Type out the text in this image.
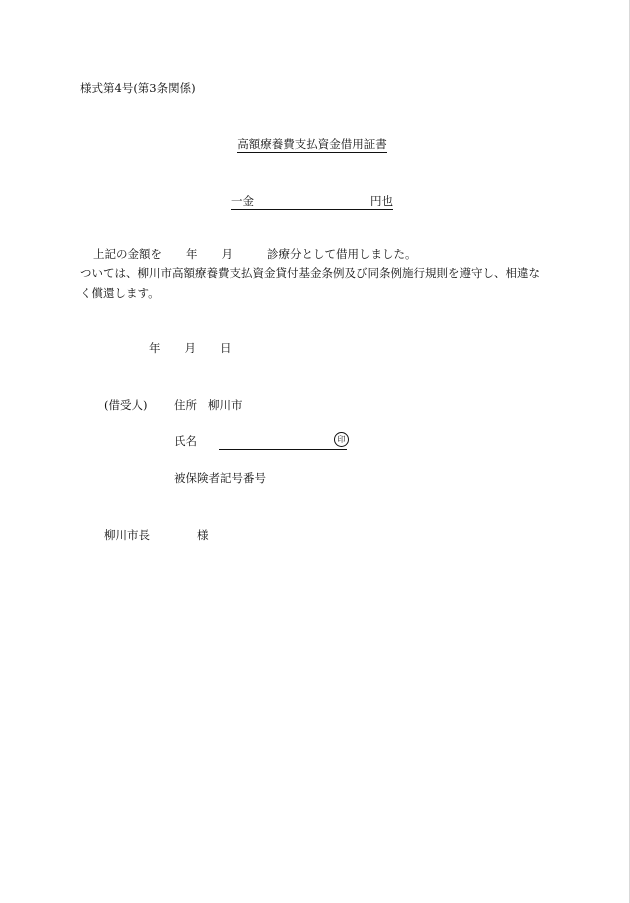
様式第4号(第3条関係)
高額療養費支払資金借用証書
一金	円也
上記の金額を 年 月	診療分として借用しました。
ついては、柳川市高額療養費支払資金貸付基金条例及び同条例施行規則を遵守し、相違な
く償還します。
年 月 日
(借受人) 住所 柳川市
氏名	印
被保険者記号番号
柳川市長	様
